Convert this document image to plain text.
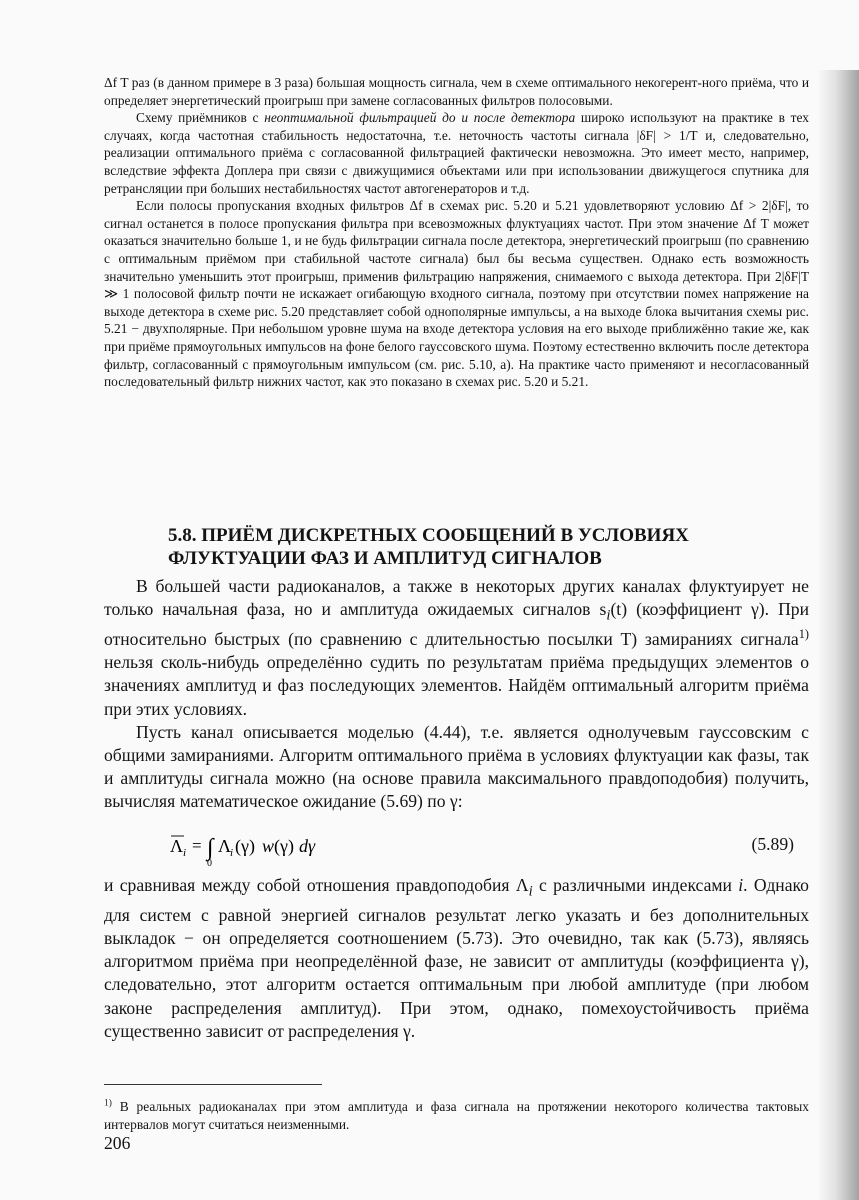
Δf T раз (в данном примере в 3 раза) большая мощность сигнала, чем в схеме оптимального некогерент-ного приёма, что и определяет энергетический проигрыш при замене согласованных фильтров полосовыми.

Схему приёмников с неоптимальной фильтрацией до и после детектора широко используют на практике в тех случаях, когда частотная стабильность недостаточна, т.е. неточность частоты сигнала |δF| > 1/T и, следовательно, реализации оптимального приёма с согласованной фильтрацией фактически невозможна. Это имеет место, например, вследствие эффекта Доплера при связи с движущимися объектами или при использовании движущегося спутника для ретрансляции при больших нестабильностях частот автогенераторов и т.д.

Если полосы пропускания входных фильтров Δf в схемах рис. 5.20 и 5.21 удовлетворяют условию Δf > 2|δF|, то сигнал останется в полосе пропускания фильтра при всевозможных флуктуациях частот. При этом значение Δf T может оказаться значительно больше 1, и не будь фильтрации сигнала после детектора, энергетический проигрыш (по сравнению с оптимальным приёмом при стабильной частоте сигнала) был бы весьма существен. Однако есть возможность значительно уменьшить этот проигрыш, применив фильтрацию напряжения, снимаемого с выхода детектора. При 2|δF|T ≫ 1 полосовой фильтр почти не искажает огибающую входного сигнала, поэтому при отсутствии помех напряжение на выходе детектора в схеме рис. 5.20 представляет собой однополярные импульсы, а на выходе блока вычитания схемы рис. 5.21 − двухполярные. При небольшом уровне шума на входе детектора условия на его выходе приближённо такие же, как при приёме прямоугольных импульсов на фоне белого гауссовского шума. Поэтому естественно включить после детектора фильтр, согласованный с прямоугольным импульсом (см. рис. 5.10, а). На практике часто применяют и несогласованный последовательный фильтр нижних частот, как это показано в схемах рис. 5.20 и 5.21.

5.8. ПРИЁМ ДИСКРЕТНЫХ СООБЩЕНИЙ В УСЛОВИЯХ
ФЛУКТУАЦИИ ФАЗ И АМПЛИТУД СИГНАЛОВ

В большей части радиоканалов, а также в некоторых других каналах флуктуирует не только начальная фаза, но и амплитуда ожидаемых сигналов $s_i(t)$ (коэффициент γ). При относительно быстрых (по сравнению с длительностью посылки T) замираниях сигнала$^{1)}$ нельзя сколь-нибудь определённо судить по результатам приёма предыдущих элементов о значениях амплитуд и фаз последующих элементов. Найдём оптимальный алгоритм приёма при этих условиях.

Пусть канал описывается моделью (4.44), т.е. является однолучевым гауссовским с общими замираниями. Алгоритм оптимального приёма в условиях флуктуации как фазы, так и амплитуды сигнала можно (на основе правила максимального правдоподобия) получить, вычисляя математическое ожидание (5.69) по γ:

Λ i = ∫
0
Λ
i (γ) w (γ) dγ	(5.89)

и сравнивая между собой отношения правдоподобия $\Lambda_i$ с различными индексами i. Однако для систем с равной энергией сигналов результат легко указать и без дополнительных выкладок − он определяется соотношением (5.73). Это очевидно, так как (5.73), являясь алгоритмом приёма при неопределённой фазе, не зависит от амплитуды (коэффициента γ), следовательно, этот алгоритм остается оптимальным при любой амплитуде (при любом законе распределения амплитуд). При этом, однако, помехоустойчивость приёма существенно зависит от распределения γ.

$^{1)}$ В реальных радиоканалах при этом амплитуда и фаза сигнала на протяжении некоторого количества тактовых интервалов могут считаться неизменными.
206
